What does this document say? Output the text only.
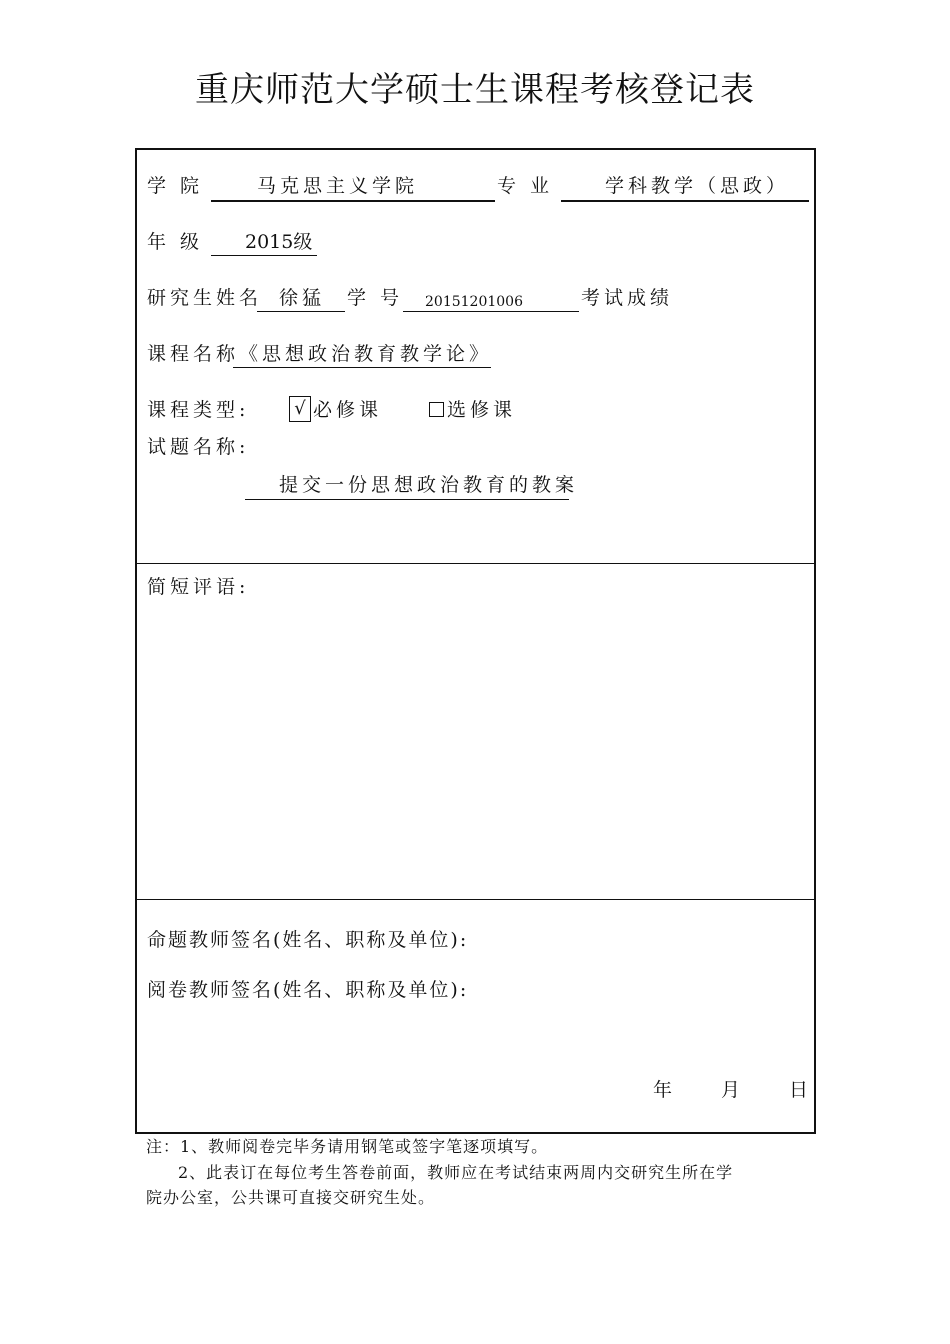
重庆师范大学硕士生课程考核登记表
学 院	马克思主义学院	专 业	学科教学（思政）
年 级 2015级
研究生姓名 徐猛 学 号 20151201006	考试成绩
课程名称 《思想政治教育教学论》
课程类型: √ 必修课	选修课
试题名称:
提交一份思想政治教育的教案
简短评语:
命题教师签名(姓名、职称及单位):
阅卷教师签名(姓名、职称及单位):
年	月	日
注：1、教师阅卷完毕务请用钢笔或签字笔逐项填写。
2、此表订在每位考生答卷前面，教师应在考试结束两周内交研究生所在学
院办公室，公共课可直接交研究生处。
